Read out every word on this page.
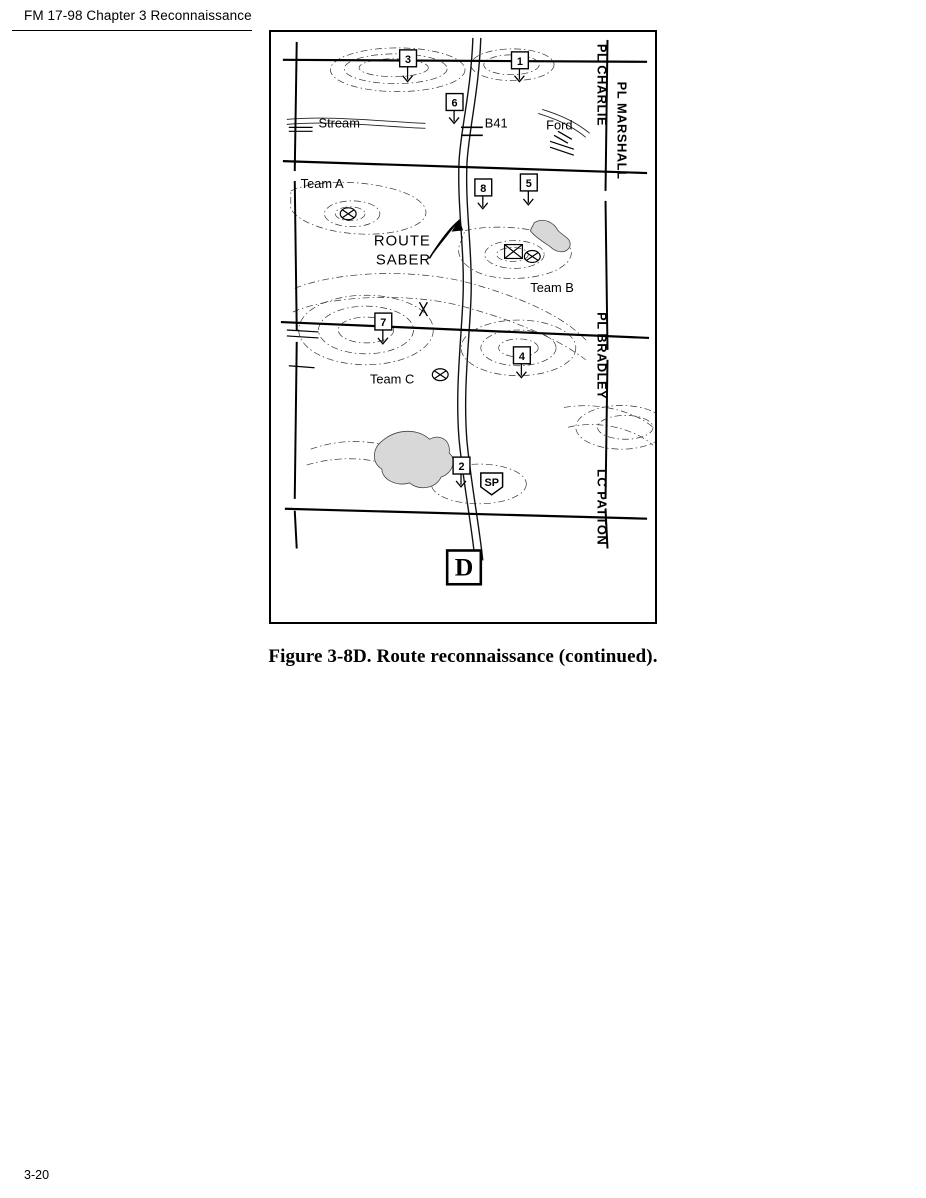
FM 17-98 Chapter 3 Reconnaissance
3	1
6
8	5
7
4
2
SP
Stream	B41	Ford
Team A
Team B
Team C
ROUTE
SABER
PL CHARLIE PL MARSHALL
PL BRADLEY
LC PATTON
D
Figure 3-8D. Route reconnaissance (continued).
3-20
